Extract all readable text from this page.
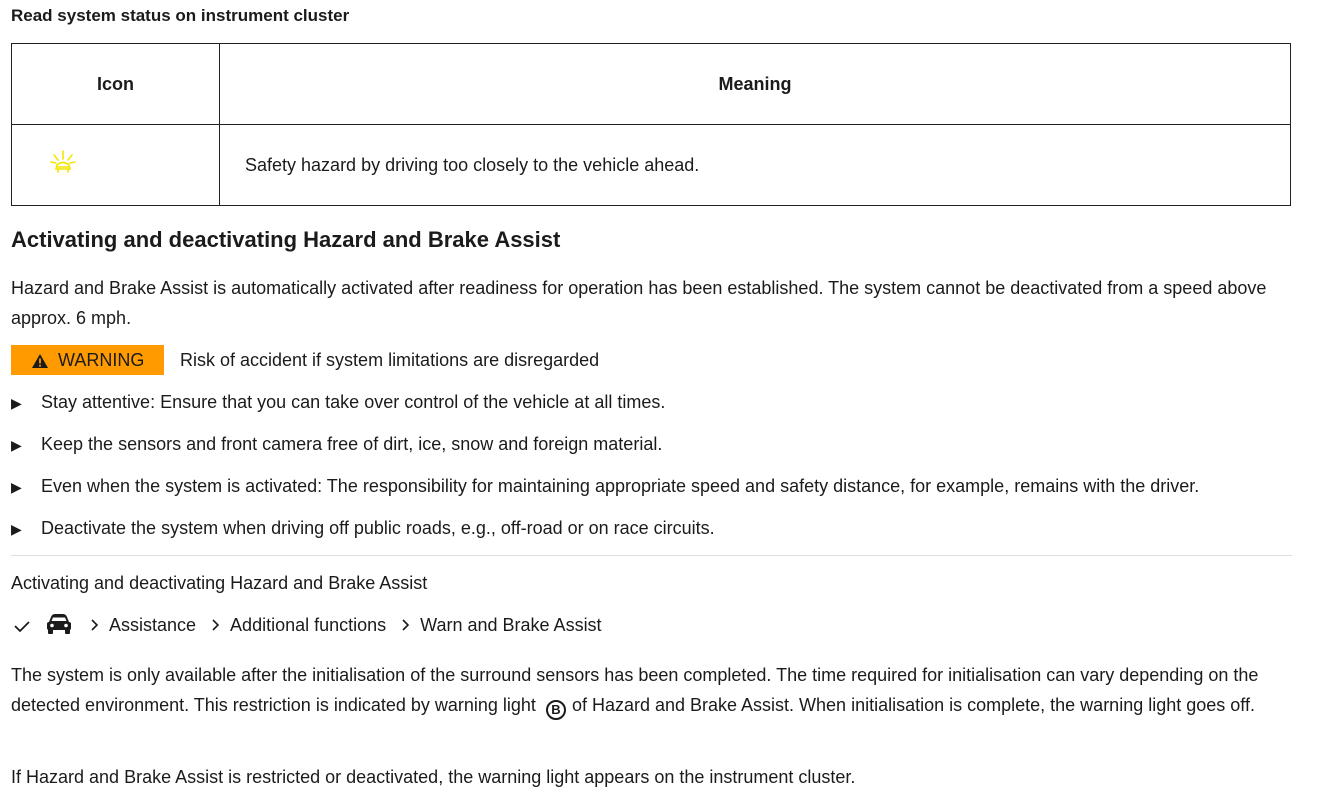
Read system status on instrument cluster
Icon	Meaning
	Safety hazard by driving too closely to the vehicle ahead.
Activating and deactivating Hazard and Brake Assist
Hazard and Brake Assist is automatically activated after readiness for operation has been established. The system cannot be deactivated from a speed above approx. 6 mph.
WARNING	Risk of accident if system limitations are disregarded
▶ Stay attentive: Ensure that you can take over control of the vehicle at all times.
▶ Keep the sensors and front camera free of dirt, ice, snow and foreign material.
▶ Even when the system is activated: The responsibility for maintaining appropriate speed and safety distance, for example, remains with the driver.
▶ Deactivate the system when driving off public roads, e.g., off-road or on race circuits.
Activating and deactivating Hazard and Brake Assist
Assistance Additional functions Warn and Brake Assist
The system is only available after the initialisation of the surround sensors has been completed. The time required for initialisation can vary depending on the detected environment. This restriction is indicated by warning light B of Hazard and Brake Assist. When initialisation is complete, the warning light goes off.
If Hazard and Brake Assist is restricted or deactivated, the warning light appears on the instrument cluster.
